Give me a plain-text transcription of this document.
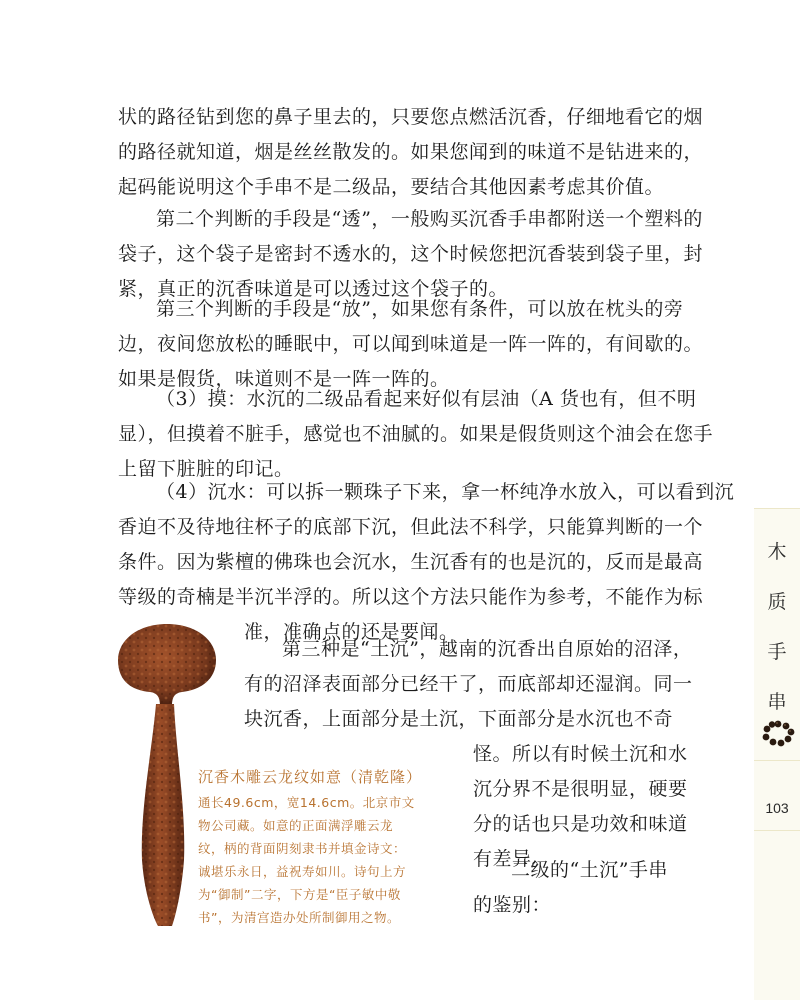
状的路径钻到您的鼻子里去的，只要您点燃活沉香，仔细地看它的烟
的路径就知道，烟是丝丝散发的。如果您闻到的味道不是钻进来的，
起码能说明这个手串不是二级品，要结合其他因素考虑其价值。

第二个判断的手段是“透”，一般购买沉香手串都附送一个塑料的
袋子，这个袋子是密封不透水的，这个时候您把沉香装到袋子里，封
紧，真正的沉香味道是可以透过这个袋子的。

第三个判断的手段是“放”，如果您有条件，可以放在枕头的旁
边，夜间您放松的睡眠中，可以闻到味道是一阵一阵的，有间歇的。
如果是假货，味道则不是一阵一阵的。

（3）摸：水沉的二级品看起来好似有层油（A 货也有，但不明
显），但摸着不脏手，感觉也不油腻的。如果是假货则这个油会在您手
上留下脏脏的印记。

（4）沉水：可以拆一颗珠子下来，拿一杯纯净水放入，可以看到沉
香迫不及待地往杯子的底部下沉，但此法不科学，只能算判断的一个
条件。因为紫檀的佛珠也会沉水，生沉香有的也是沉的，反而是最高
等级的奇楠是半沉半浮的。所以这个方法只能作为参考，不能作为标
准，准确点的还是要闻。

第三种是“土沉”，越南的沉香出自原始的沼泽，
有的沼泽表面部分已经干了，而底部却还湿润。同一
块沉香，上面部分是土沉，下面部分是水沉也不奇
怪。所以有时候土沉和水
沉分界不是很明显，硬要
分的话也只是功效和味道
有差异。

二级的“土沉”手串
的鉴别：

沉香木雕云龙纹如意（清乾隆）
通长49.6cm，宽14.6cm。北京市文
物公司藏。如意的正面满浮雕云龙
纹，柄的背面阴刻隶书并填金诗文：
诚堪乐永日，益祝寿如川。诗句上方
为“御制”二字，下方是“臣子敏中敬
书”，为清宫造办处所制御用之物。

木
质
手
串
103
